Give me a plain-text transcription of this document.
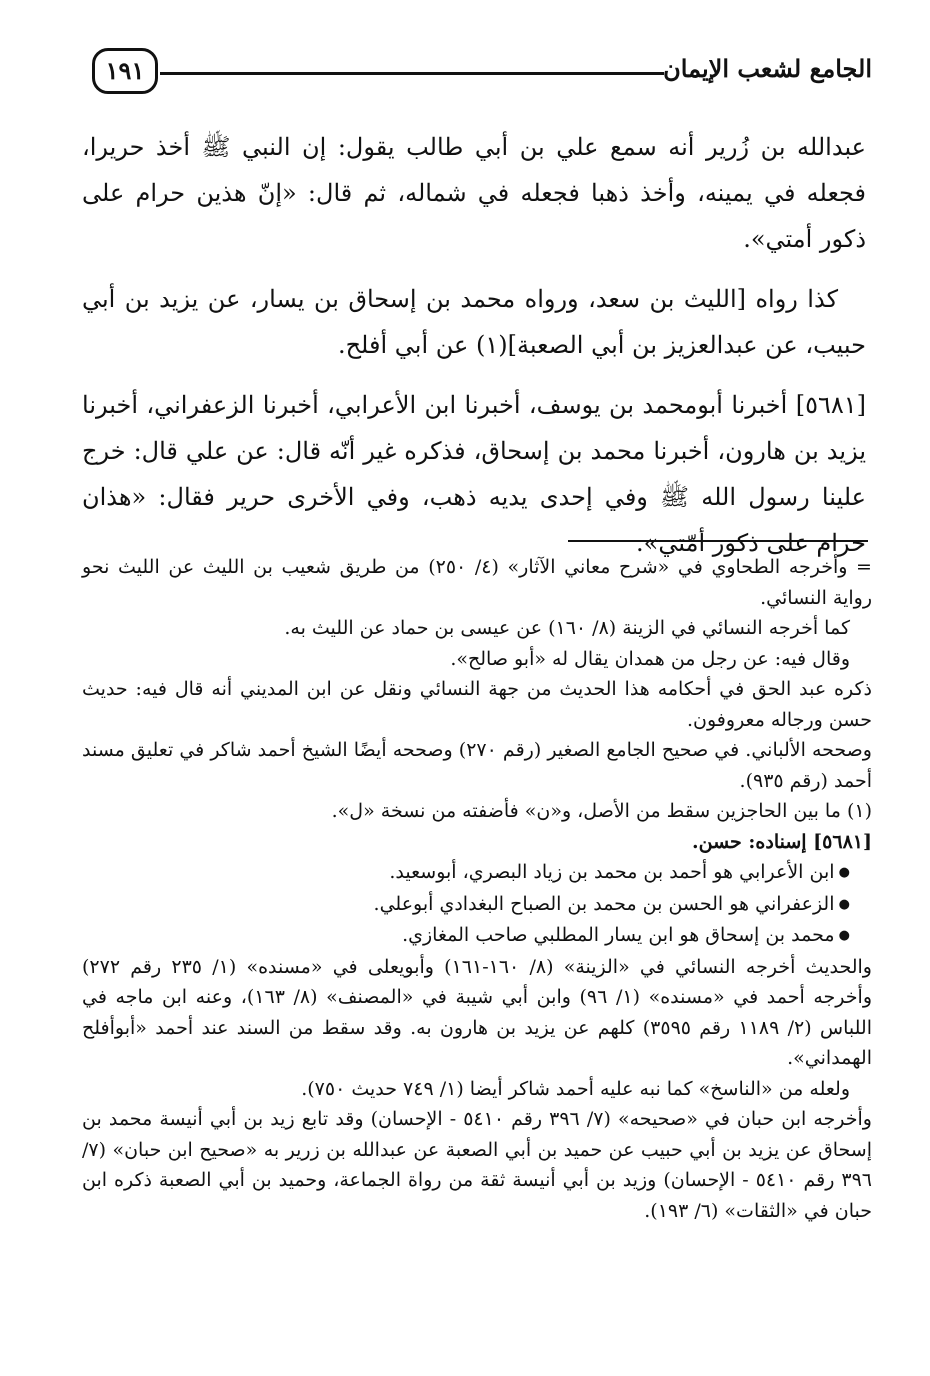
الجامع لشعب الإيمان
١٩١

عبدالله بن زُرير أنه سمع علي بن أبي طالب يقول: إن النبي ﷺ أخذ حريرا، فجعله في يمينه، وأخذ ذهبا فجعله في شماله، ثم قال: «إنّ هذين حرام على ذكور أمتي».

كذا رواه [الليث بن سعد، ورواه محمد بن إسحاق بن يسار، عن يزيد بن أبي حبيب، عن عبدالعزيز بن أبي الصعبة](١) عن أبي أفلح.

[٥٦٨١] أخبرنا أبومحمد بن يوسف، أخبرنا ابن الأعرابي، أخبرنا الزعفراني، أخبرنا يزيد بن هارون، أخبرنا محمد بن إسحاق، فذكره غير أنّه قال: عن علي قال: خرج علينا رسول الله ﷺ وفي إحدى يديه ذهب، وفي الأخرى حرير فقال: «هذان حرام على ذكور أمّتي».

= وأخرجه الطحاوي في «شرح معاني الآثار» (٤/ ٢٥٠) من طريق شعيب بن الليث عن الليث نحو رواية النسائي.

كما أخرجه النسائي في الزينة (٨/ ١٦٠) عن عيسى بن حماد عن الليث به.

وقال فيه: عن رجل من همدان يقال له «أبو صالح».

ذكره عبد الحق في أحكامه هذا الحديث من جهة النسائي ونقل عن ابن المديني أنه قال فيه: حديث حسن ورجاله معروفون.

وصححه الألباني. في صحيح الجامع الصغير (رقم ٢٧٠) وصححه أيضًا الشيخ أحمد شاكر في تعليق مسند أحمد (رقم ٩٣٥).

(١) ما بين الحاجزين سقط من الأصل، و«ن» فأضفته من نسخة «ل».

[٥٦٨١] إسناده: حسن.

● ابن الأعرابي هو أحمد بن محمد بن زياد البصري، أبوسعيد.

● الزعفراني هو الحسن بن محمد بن الصباح البغدادي أبوعلي.

● محمد بن إسحاق هو ابن يسار المطلبي صاحب المغازي.

والحديث أخرجه النسائي في «الزينة» (٨/ ١٦٠-١٦١) وأبويعلى في «مسنده» (١/ ٢٣٥ رقم ٢٧٢) وأخرجه أحمد في «مسنده» (١/ ٩٦) وابن أبي شيبة في «المصنف» (٨/ ١٦٣)، وعنه ابن ماجه في اللباس (٢/ ١١٨٩ رقم ٣٥٩٥) كلهم عن يزيد بن هارون به. وقد سقط من السند عند أحمد «أبوأفلح الهمداني».

ولعله من «الناسخ» كما نبه عليه أحمد شاكر أيضا (١/ ٧٤٩ حديث ٧٥٠).

وأخرجه ابن حبان في «صحيحه» (٧/ ٣٩٦ رقم ٥٤١٠ - الإحسان) وقد تابع زيد بن أبي أنيسة محمد بن إسحاق عن يزيد بن أبي حبيب عن حميد بن أبي الصعبة عن عبدالله بن زرير به «صحيح ابن حبان» (٧/ ٣٩٦ رقم ٥٤١٠ - الإحسان) وزيد بن أبي أنيسة ثقة من رواة الجماعة، وحميد بن أبي الصعبة ذكره ابن حبان في «الثقات» (٦/ ١٩٣).
